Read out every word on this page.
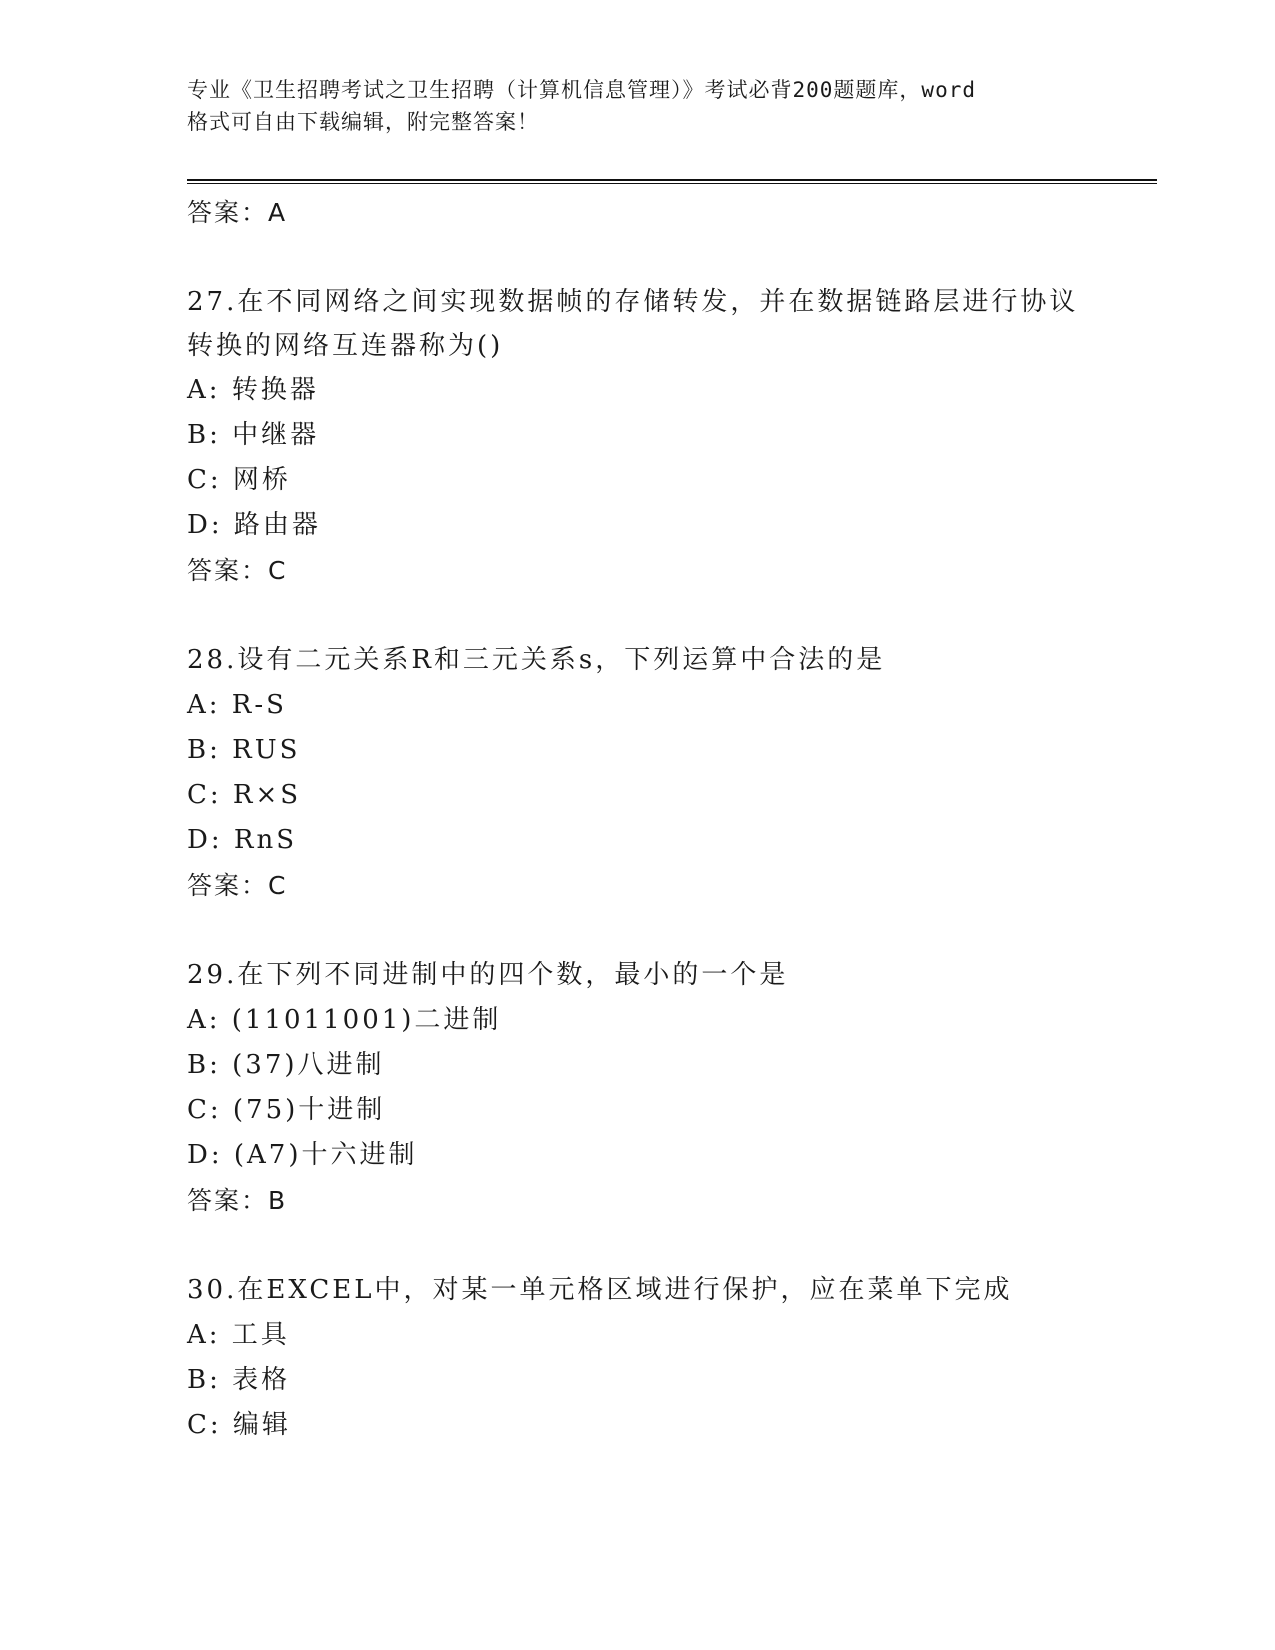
专业《卫生招聘考试之卫生招聘（计算机信息管理）》考试必背200题题库，word
格式可自由下载编辑，附完整答案！
答案：A
27.在不同网络之间实现数据帧的存储转发，并在数据链路层进行协议
转换的网络互连器称为()
A: 转换器
B: 中继器
C: 网桥
D: 路由器
答案：C
28.设有二元关系R和三元关系s，下列运算中合法的是
A: R-S
B: RUS
C: R×S
D: RnS
答案：C
29.在下列不同进制中的四个数，最小的一个是
A: (11011001)二进制
B: (37)八进制
C: (75)十进制
D: (A7)十六进制
答案：B
30.在EXCEL中，对某一单元格区域进行保护，应在菜单下完成
A: 工具
B: 表格
C: 编辑
